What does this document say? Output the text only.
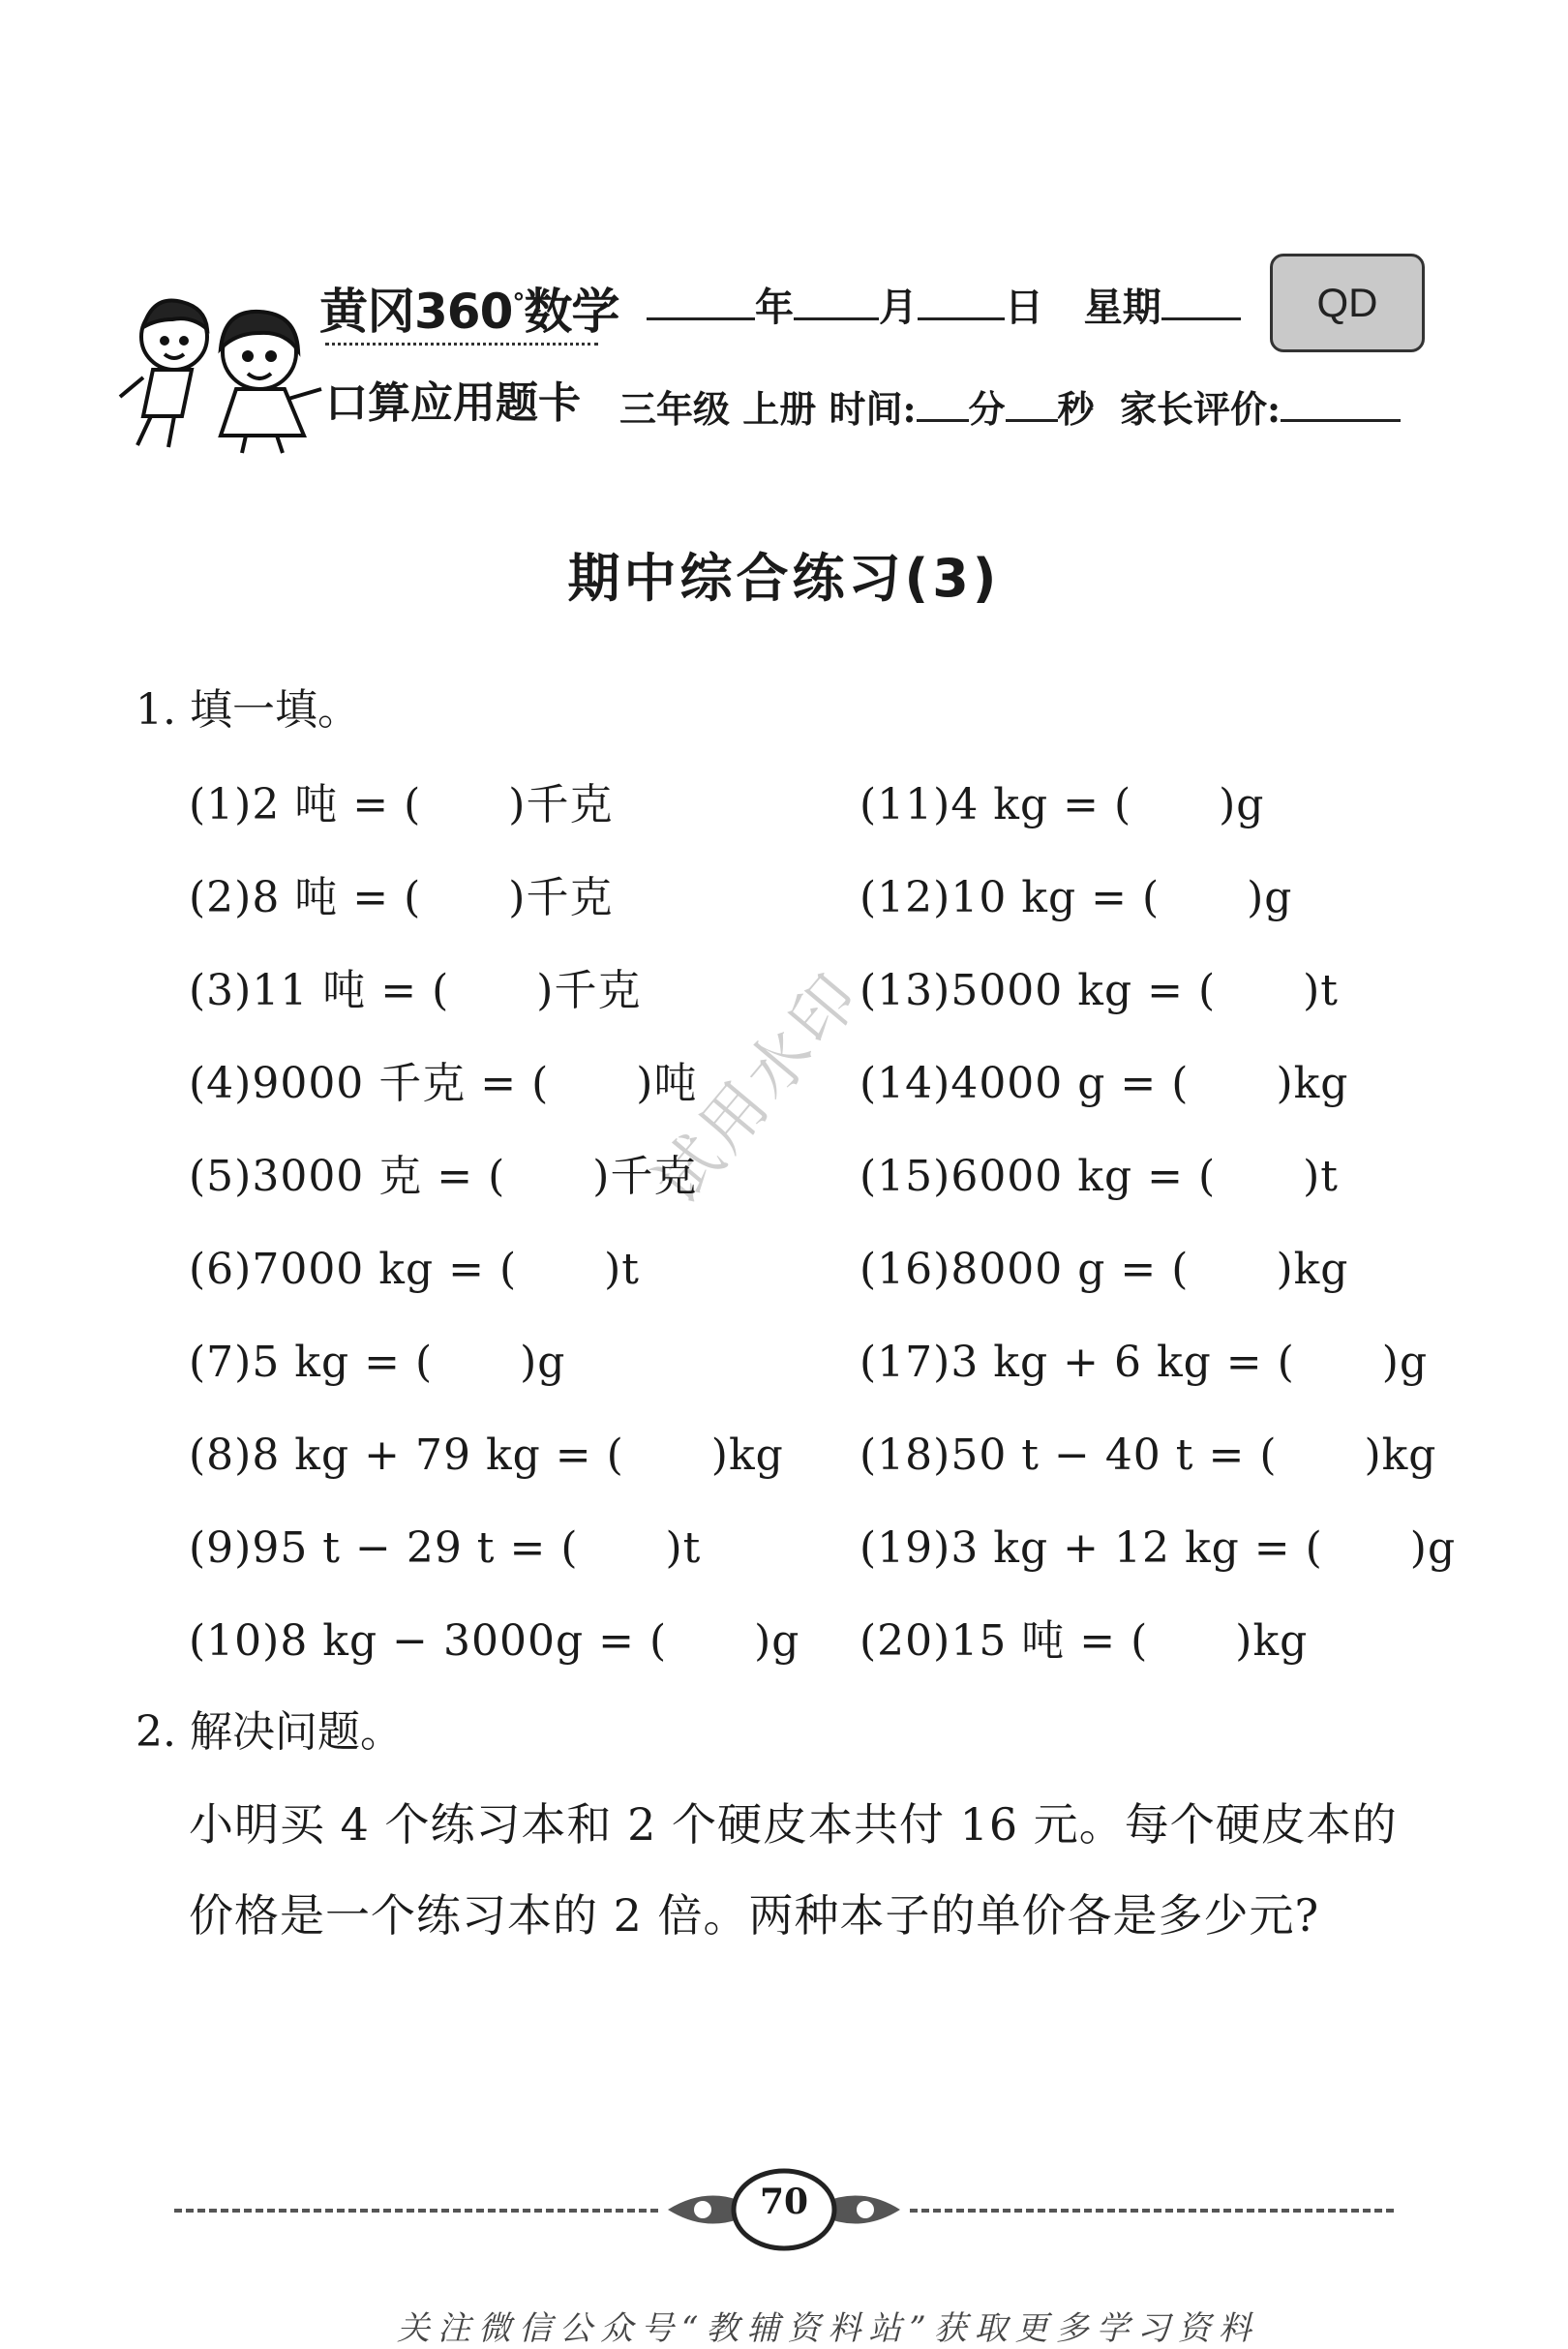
黄冈360°数学
口算应用题卡
年 月 日 星期	QD
三年级 上册 时间: 分 秒 家长评价:
期中综合练习(3)
试用水印
1. 填一填。
(1)2 吨 = (　　)千克
(2)8 吨 = (　　)千克
(3)11 吨 = (　　)千克
(4)9000 千克 = (　　)吨
(5)3000 克 = (　　)千克
(6)7000 kg = (　　)t
(7)5 kg = (　　)g
(8)8 kg + 79 kg = (　　)kg
(9)95 t − 29 t = (　　)t
(10)8 kg − 3000g = (　　)g
(11)4 kg = (　　)g
(12)10 kg = (　　)g
(13)5000 kg = (　　)t
(14)4000 g = (　　)kg
(15)6000 kg = (　　)t
(16)8000 g = (　　)kg
(17)3 kg + 6 kg = (　　)g
(18)50 t − 40 t = (　　)kg
(19)3 kg + 12 kg = (　　)g
(20)15 吨 = (　　)kg
2. 解决问题。
小明买 4 个练习本和 2 个硬皮本共付 16 元。每个硬皮本的
价格是一个练习本的 2 倍。两种本子的单价各是多少元?
70
关注微信公众号“教辅资料站”获取更多学习资料
